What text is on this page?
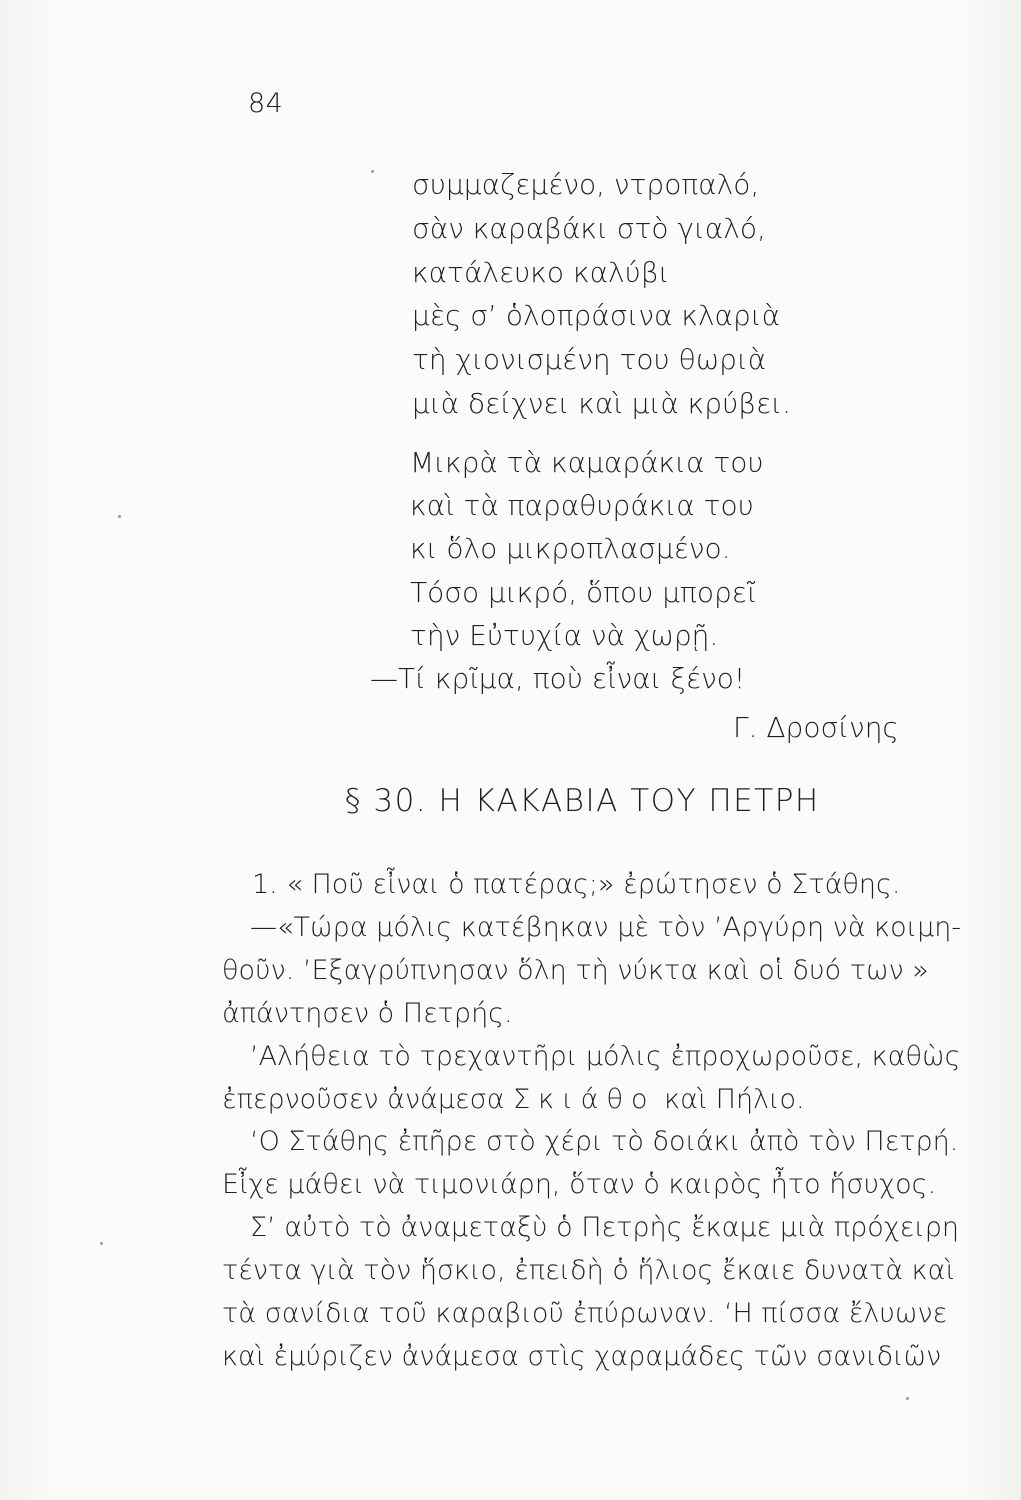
84
συμμαζεμένο, ντροπαλό,
σὰν καραβάκι στὸ γιαλό,
κατάλευκο καλύβι
μὲς σ’ ὁλοπράσινα κλαριὰ
τὴ χιονισμένη του θωριὰ
μιὰ δείχνει καὶ μιὰ κρύβει.
Μικρὰ τὰ καμαράκια του
καὶ τὰ παραθυράκια του
κι ὅλο μικροπλασμένο.
Τόσο μικρό, ὅπου μπορεῖ
τὴν Εὐτυχία νὰ χωρῇ.
—Τί κρῖμα, ποὺ εἶναι ξένο!
Γ. Δροσίνης
§ 30. Η ΚΑΚΑΒΙΑ ΤΟΥ ΠΕΤΡΗ
1. « Ποῦ εἶναι ὁ πατέρας;» ἐρώτησεν ὁ Στάθης.
—«Τώρα μόλις κατέβηκαν μὲ τὸν ’Αργύρη νὰ κοιμη-
θοῦν. ’Εξαγρύπνησαν ὅλη τὴ νύκτα καὶ οἱ δυό των »
ἀπάντησεν ὁ Πετρής.
’Αλήθεια τὸ τρεχαντῆρι μόλις ἐπροχωροῦσε, καθὼς
ἐπερνοῦσεν ἀνάμεσα Σκιάθο καὶ Πήλιο.
‘Ο Στάθης ἐπῆρε στὸ χέρι τὸ δοιάκι ἀπὸ τὸν Πετρή.
Εἶχε μάθει νὰ τιμονιάρη, ὅταν ὁ καιρὸς ἦτο ἥσυχος.
Σ’ αὐτὸ τὸ ἀναμεταξὺ ὁ Πετρὴς ἔκαμε μιὰ πρόχειρη
τέντα γιὰ τὸν ἥσκιο, ἐπειδὴ ὁ ἥλιος ἔκαιε δυνατὰ καὶ
τὰ σανίδια τοῦ καραβιοῦ ἐπύρωναν. ‘Η πίσσα ἔλυωνε
καὶ ἐμύριζεν ἀνάμεσα στὶς χαραμάδες τῶν σανιδιῶν
